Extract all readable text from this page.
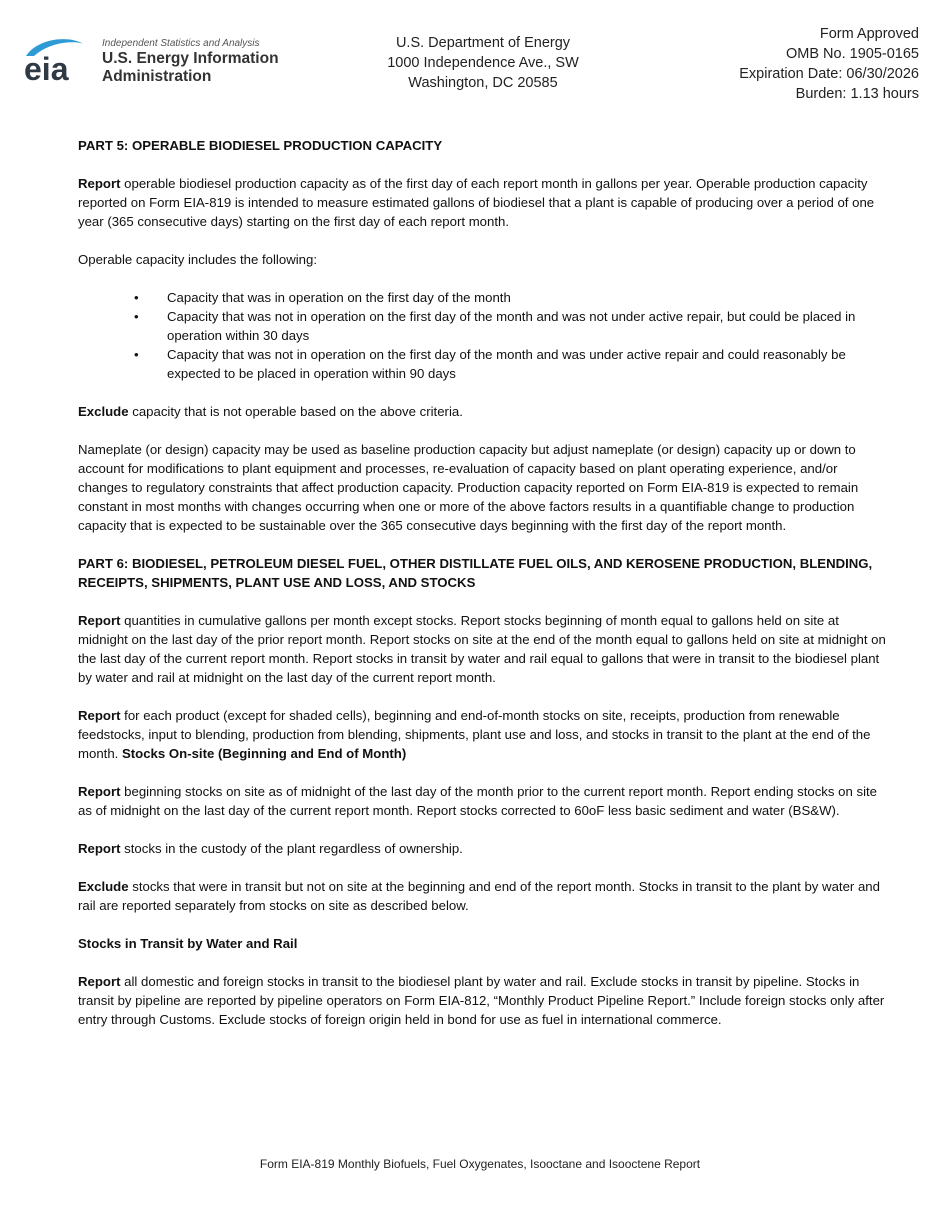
eia
Independent Statistics and Analysis
U.S. Energy Information
Administration
U.S. Department of Energy
1000 Independence Ave., SW
Washington, DC 20585
Form Approved
OMB No. 1905-0165
Expiration Date: 06/30/2026
Burden: 1.13 hours

PART 5: OPERABLE BIODIESEL PRODUCTION CAPACITY

Report operable biodiesel production capacity as of the first day of each report month in gallons per year. Operable production capacity reported on Form EIA-819 is intended to measure estimated gallons of biodiesel that a plant is capable of producing over a period of one year (365 consecutive days) starting on the first day of each report month.

Operable capacity includes the following:

• Capacity that was in operation on the first day of the month
• Capacity that was not in operation on the first day of the month and was not under active repair, but could be placed in operation within 30 days
• Capacity that was not in operation on the first day of the month and was under active repair and could reasonably be expected to be placed in operation within 90 days

Exclude capacity that is not operable based on the above criteria.

Nameplate (or design) capacity may be used as baseline production capacity but adjust nameplate (or design) capacity up or down to account for modifications to plant equipment and processes, re-evaluation of capacity based on plant operating experience, and/or changes to regulatory constraints that affect production capacity. Production capacity reported on Form EIA-819 is expected to remain constant in most months with changes occurring when one or more of the above factors results in a quantifiable change to production capacity that is expected to be sustainable over the 365 consecutive days beginning with the first day of the report month.

PART 6: BIODIESEL, PETROLEUM DIESEL FUEL, OTHER DISTILLATE FUEL OILS, AND KEROSENE PRODUCTION, BLENDING, RECEIPTS, SHIPMENTS, PLANT USE AND LOSS, AND STOCKS

Report quantities in cumulative gallons per month except stocks. Report stocks beginning of month equal to gallons held on site at midnight on the last day of the prior report month. Report stocks on site at the end of the month equal to gallons held on site at midnight on the last day of the current report month. Report stocks in transit by water and rail equal to gallons that were in transit to the biodiesel plant by water and rail at midnight on the last day of the current report month.

Report for each product (except for shaded cells), beginning and end-of-month stocks on site, receipts, production from renewable feedstocks, input to blending, production from blending, shipments, plant use and loss, and stocks in transit to the plant at the end of the month. Stocks On-site (Beginning and End of Month)

Report beginning stocks on site as of midnight of the last day of the month prior to the current report month. Report ending stocks on site as of midnight on the last day of the current report month. Report stocks corrected to 60oF less basic sediment and water (BS&W).

Report stocks in the custody of the plant regardless of ownership.

Exclude stocks that were in transit but not on site at the beginning and end of the report month. Stocks in transit to the plant by water and rail are reported separately from stocks on site as described below.

Stocks in Transit by Water and Rail

Report all domestic and foreign stocks in transit to the biodiesel plant by water and rail. Exclude stocks in transit by pipeline. Stocks in transit by pipeline are reported by pipeline operators on Form EIA-812, “Monthly Product Pipeline Report.” Include foreign stocks only after entry through Customs. Exclude stocks of foreign origin held in bond for use as fuel in international commerce.

Form EIA-819 Monthly Biofuels, Fuel Oxygenates, Isooctane and Isooctene Report
